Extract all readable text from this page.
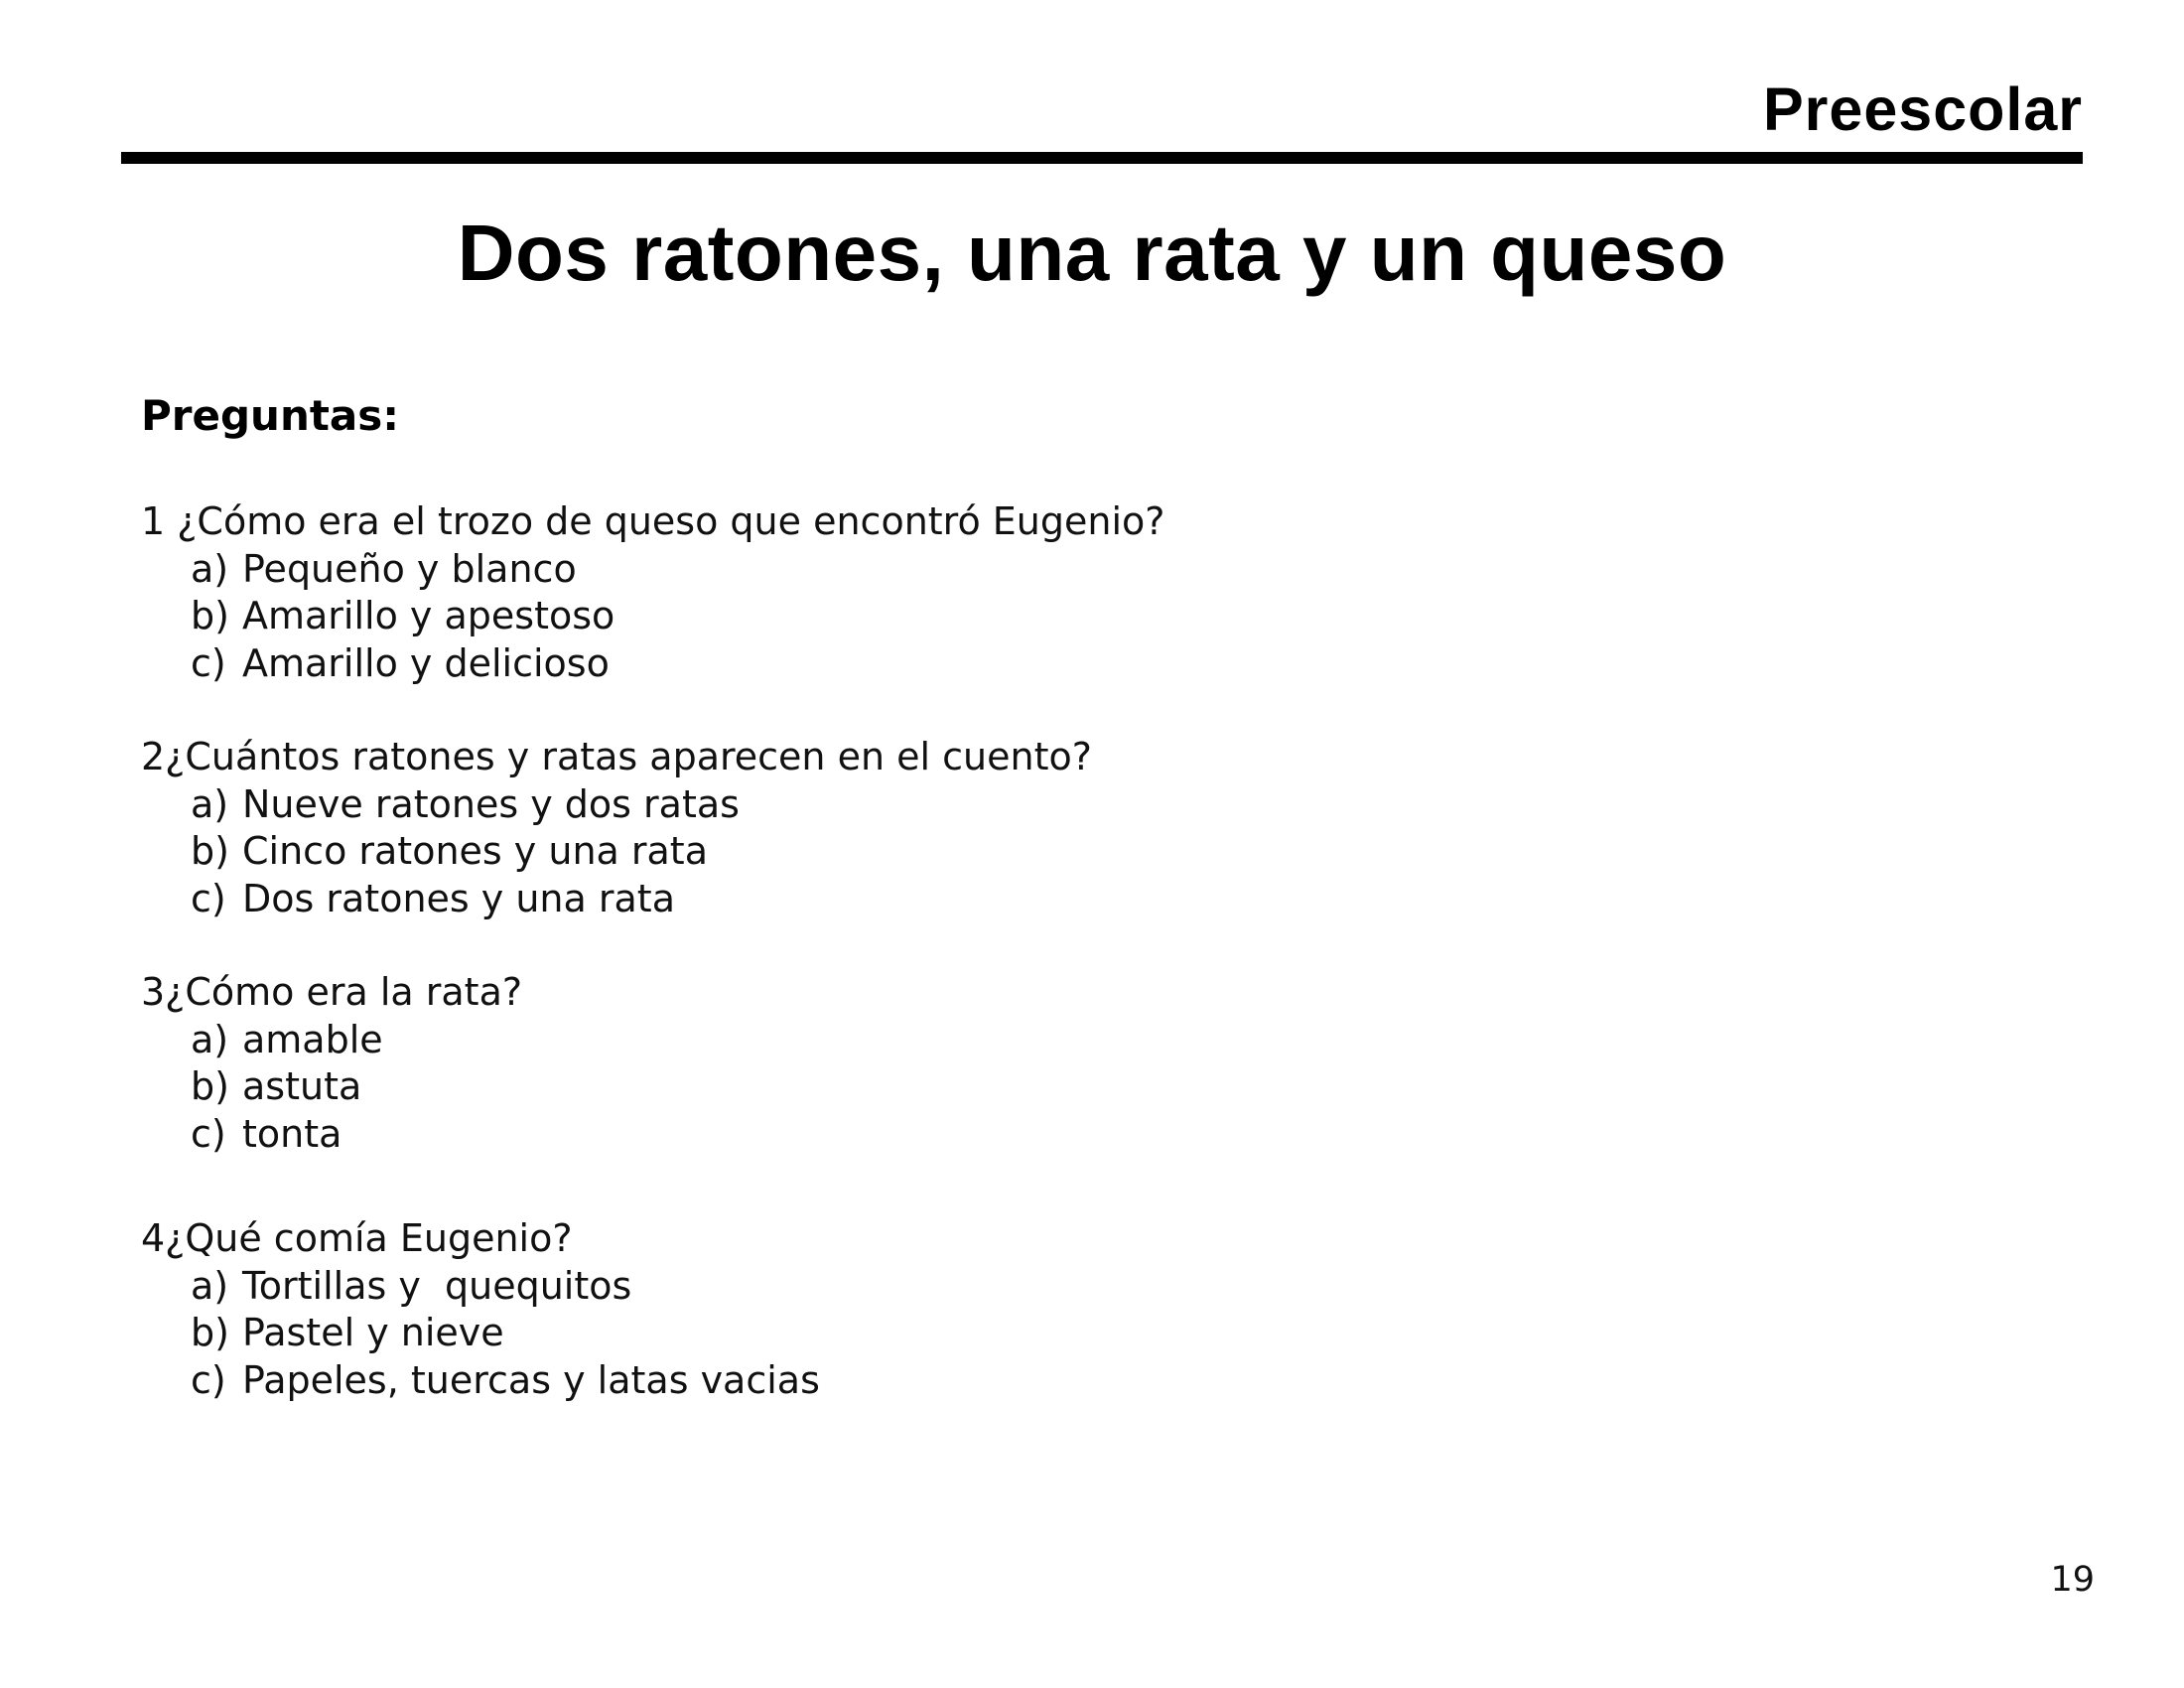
Preescolar
Dos ratones, una rata y un queso
Preguntas:
1 ¿Cómo era el trozo de queso que encontró Eugenio?
a) Pequeño y blanco
b) Amarillo y apestoso
c) Amarillo y delicioso
2¿Cuántos ratones y ratas aparecen en el cuento?
a) Nueve ratones y dos ratas
b) Cinco ratones y una rata
c) Dos ratones y una rata
3¿Cómo era la rata?
a) amable
b) astuta
c) tonta
4¿Qué comía Eugenio?
a) Tortillas y  quequitos
b) Pastel y nieve
c) Papeles, tuercas y latas vacias
19
